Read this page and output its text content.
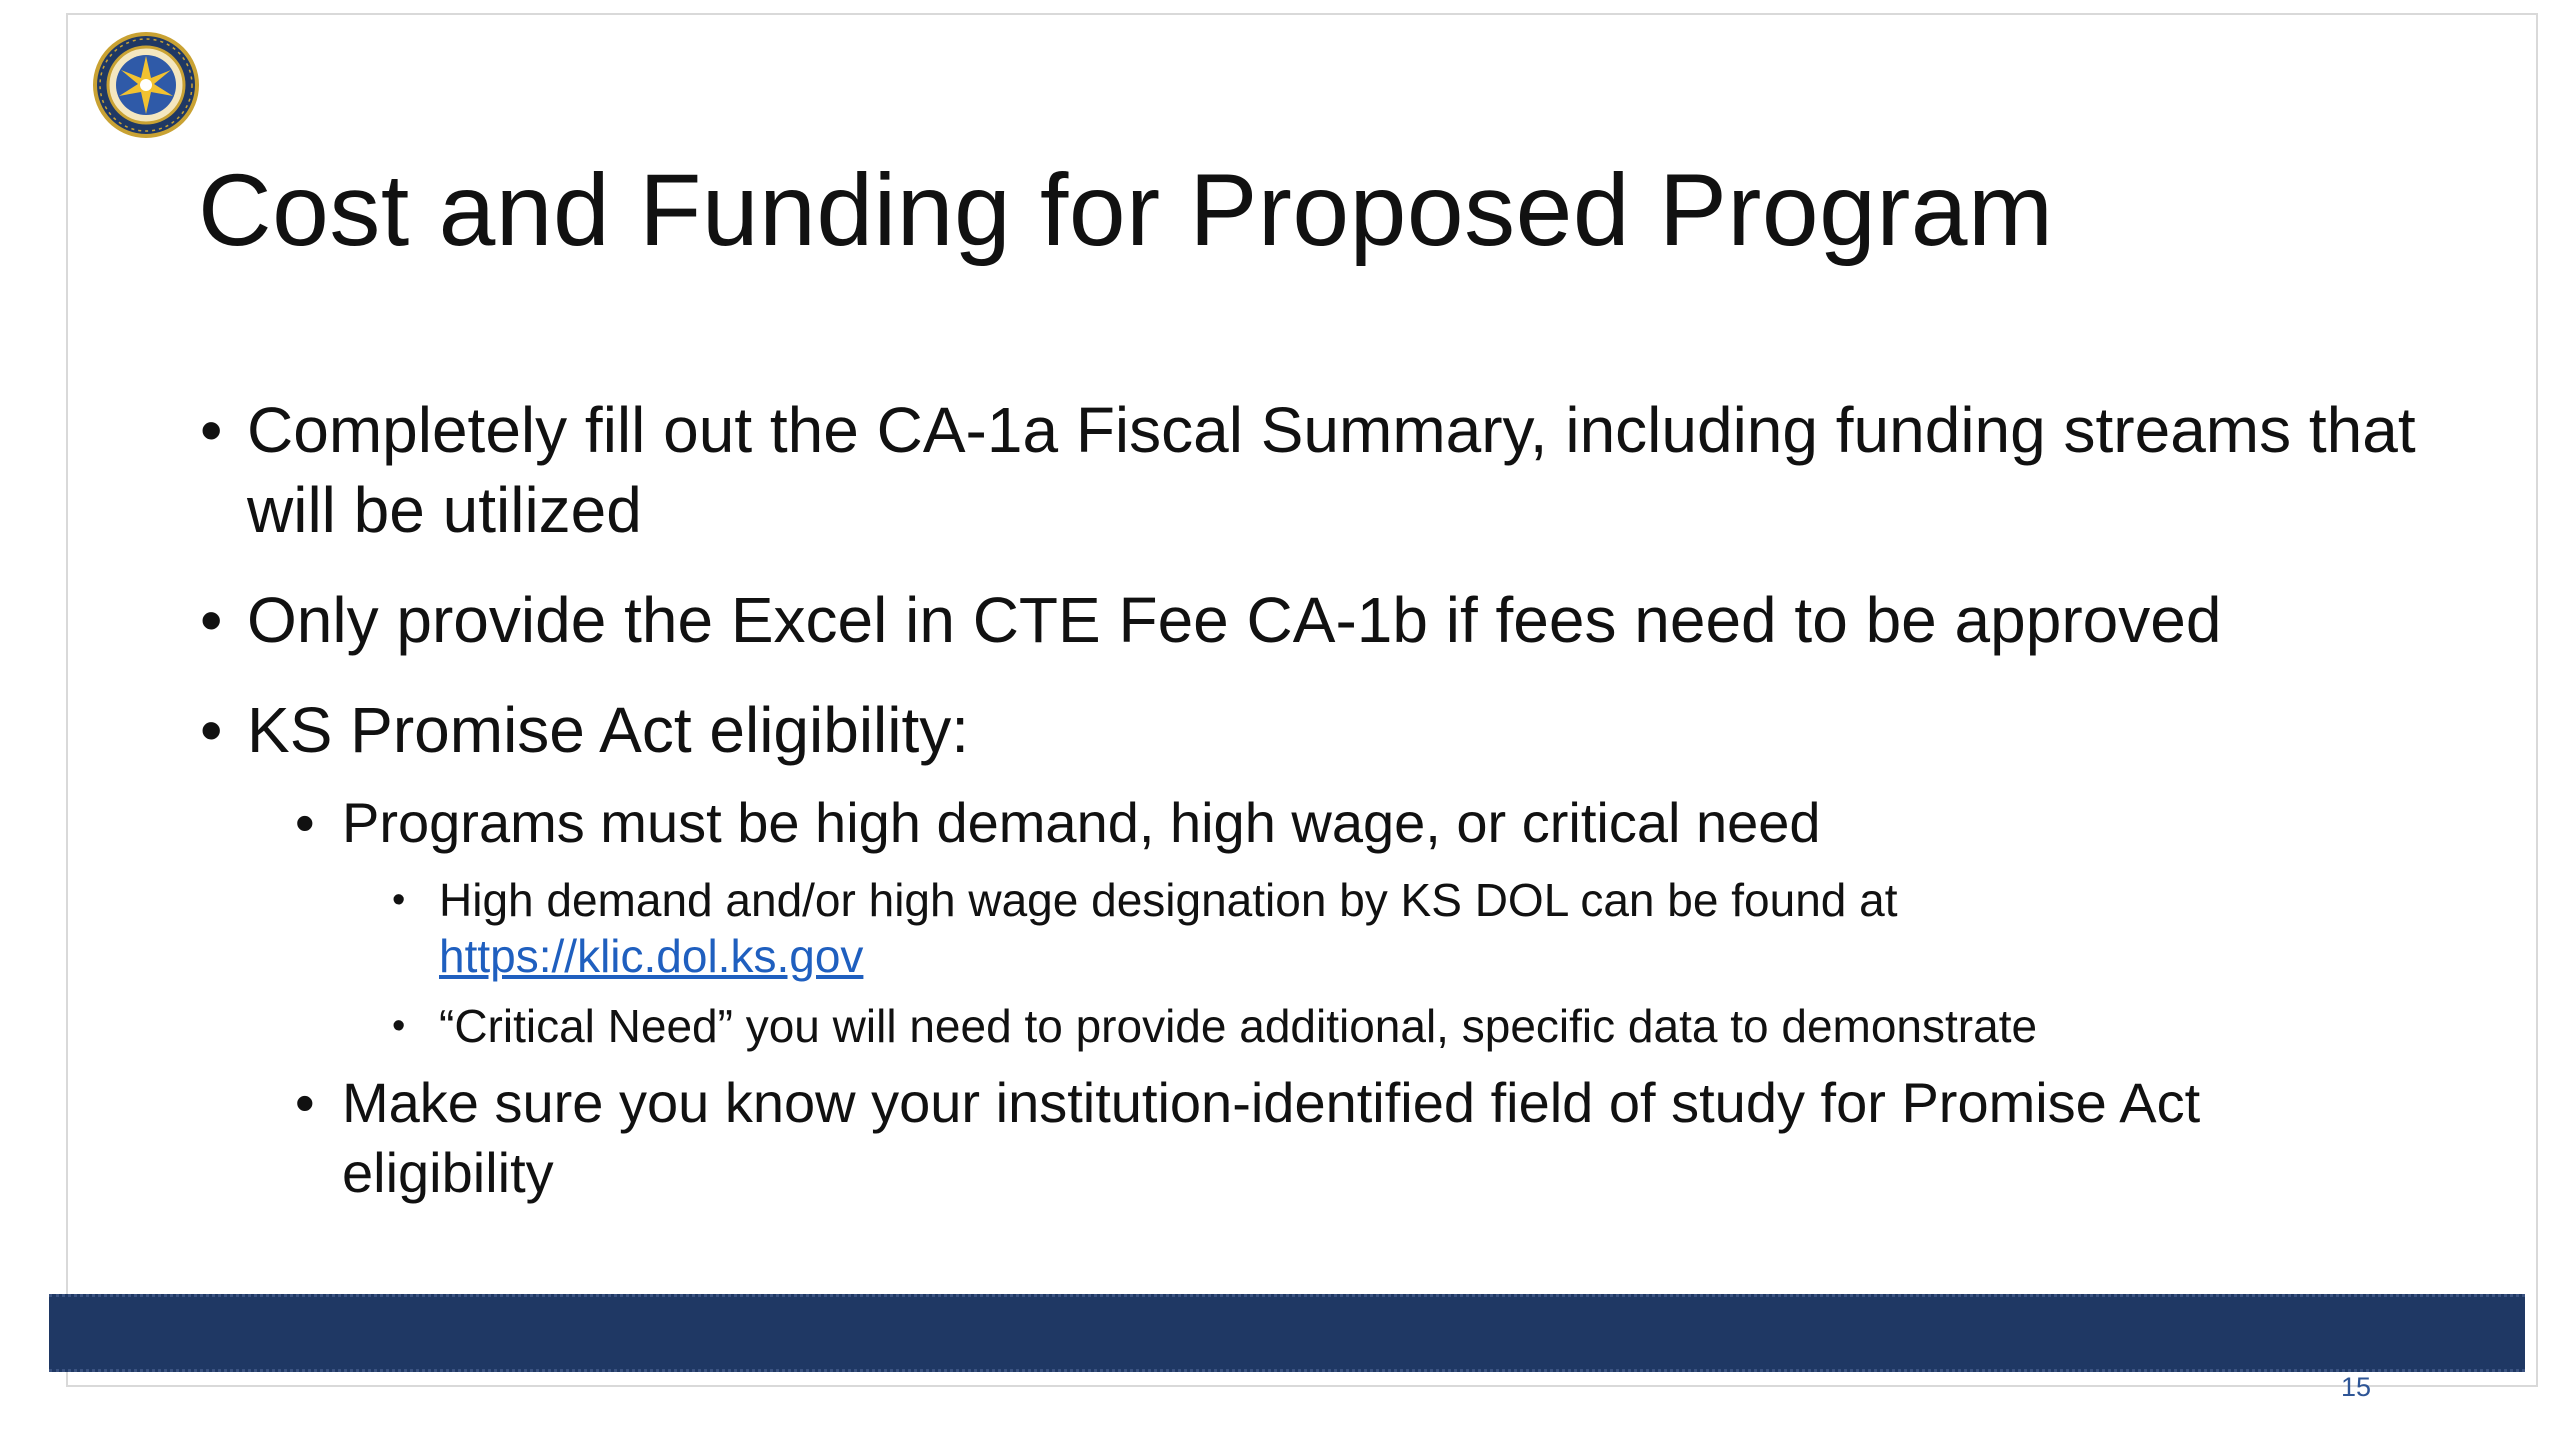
Cost and Funding for Proposed Program
• Completely fill out the CA-1a Fiscal Summary, including funding streams that will be utilized
• Only provide the Excel in CTE Fee CA-1b if fees need to be approved
• KS Promise Act eligibility:
• Programs must be high demand, high wage, or critical need
• High demand and/or high wage designation by KS DOL can be found at
https://klic.dol.ks.gov
• “Critical Need” you will need to provide additional, specific data to demonstrate
• Make sure you know your institution-identified field of study for Promise Act eligibility
15
